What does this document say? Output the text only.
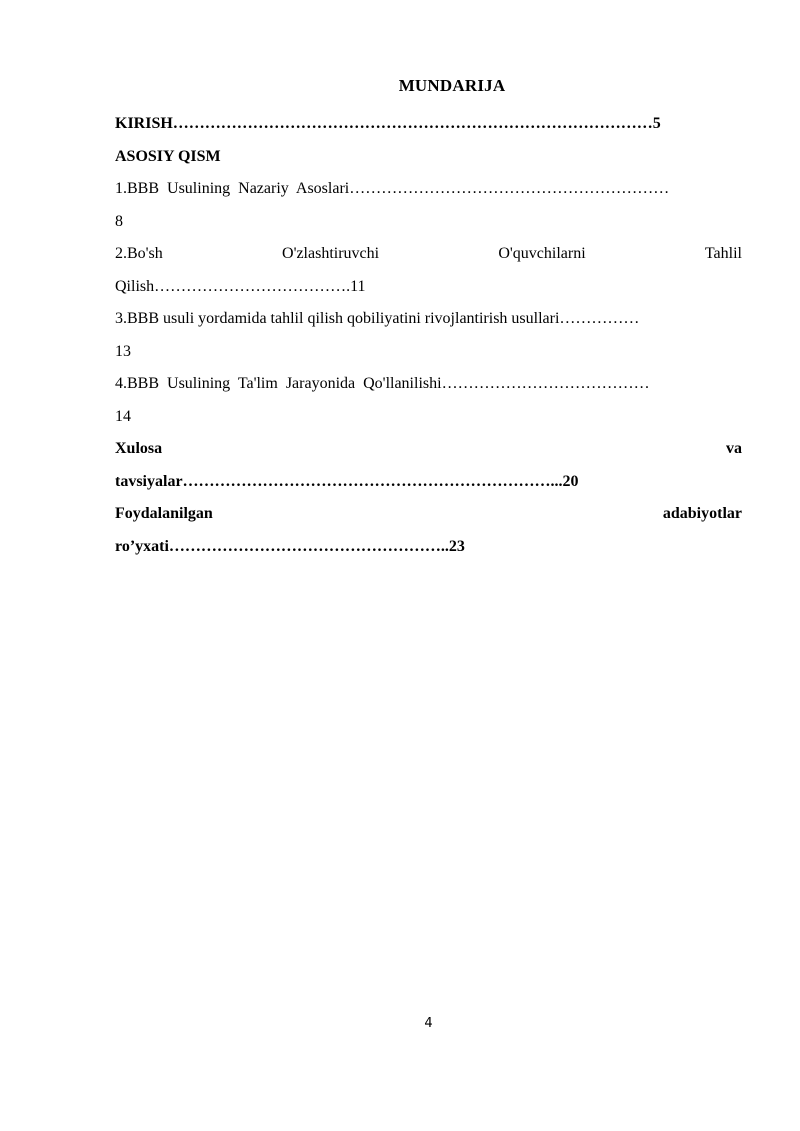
MUNDARIJA
KIRISH………………………………………………………………………………5
ASOSIY QISM
1.BBB  Usulining  Nazariy  Asoslari……………………………………………………
8
2.Bo'sh	O'zlashtiruvchi	O'quvchilarni	Tahlil
Qilish……………………………….11
3.BBB usuli yordamida tahlil qilish qobiliyatini rivojlantirish usullari……………
13
4.BBB  Usulining  Ta'lim  Jarayonida  Qo'llanilishi…………………………………
14
Xulosa	va
tavsiyalar……………………………………………………………...20
Foydalanilgan	adabiyotlar
ro’yxati……………………………………………..23
4
